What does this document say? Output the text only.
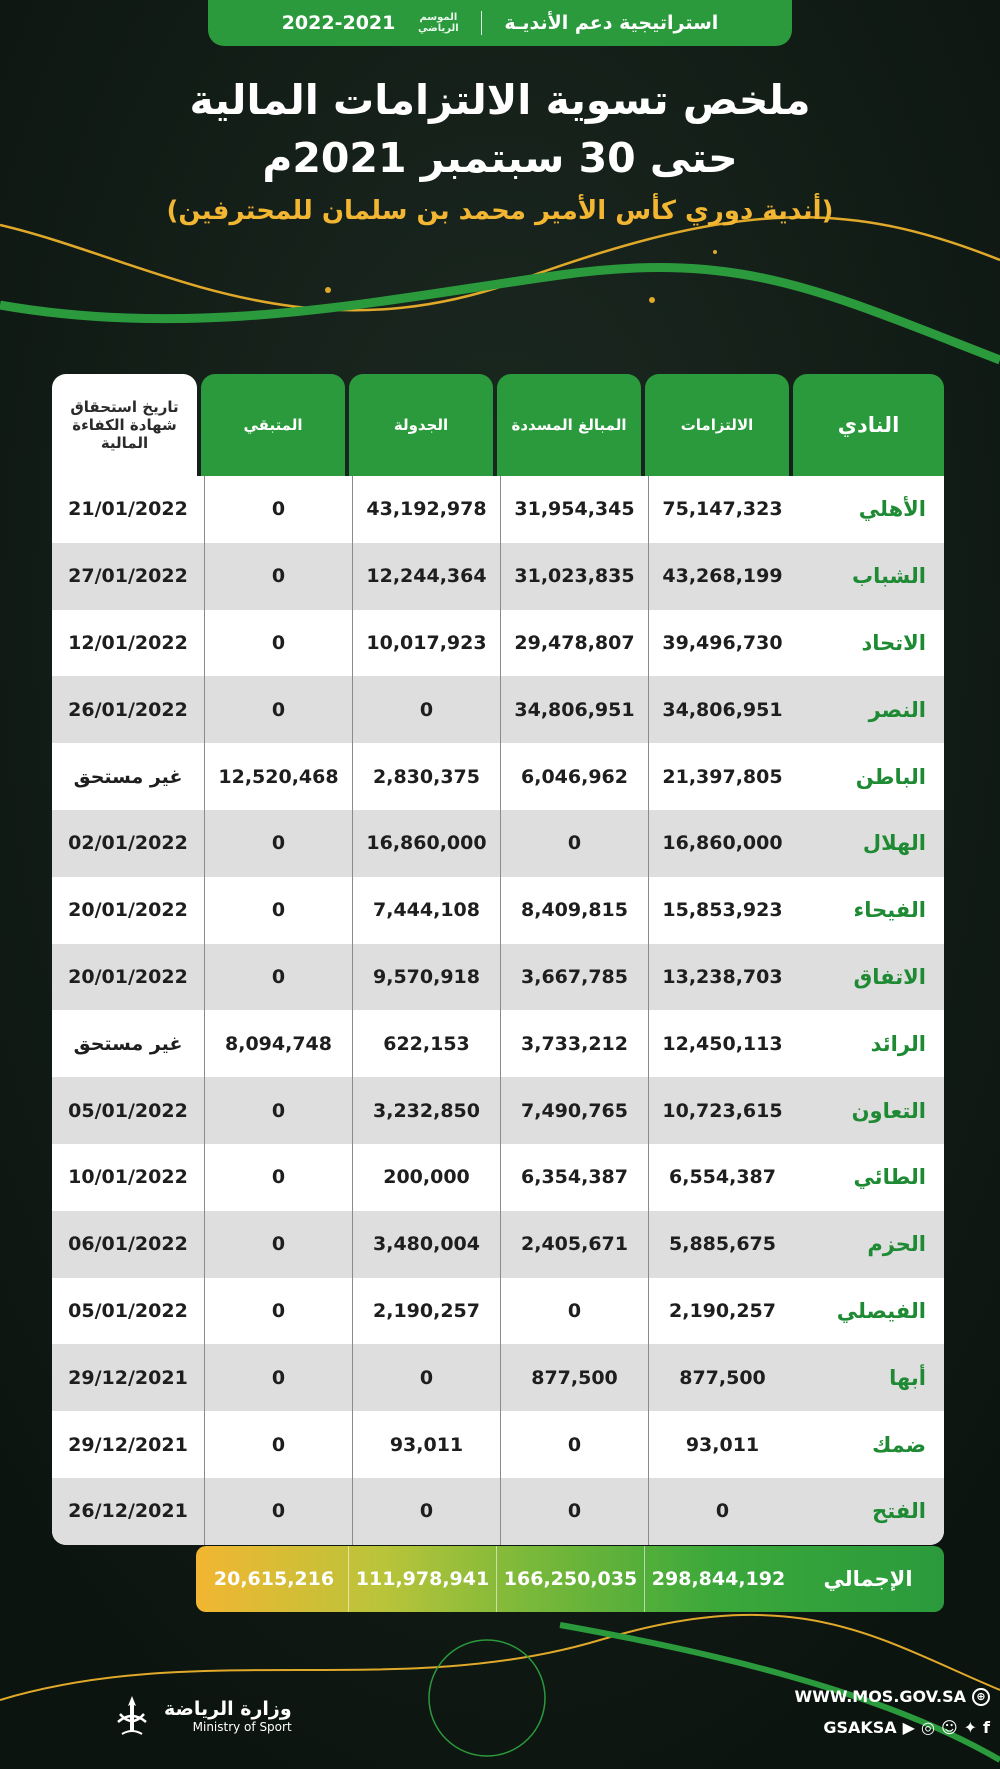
استراتيجية دعم الأنديـة
الموسم الرياضي
2022-2021
ملخص تسوية الالتزامات المالية
حتى 30 سبتمبر 2021م
(أندية دوري كأس الأمير محمد بن سلمان للمحترفين)
النادي
الالتزامات
المبالغ المسددة
الجدولة
المتبقي
تاريخ استحقاق شهادة الكفاءة المالية
الأهلي
75,147,323
31,954,345
43,192,978
0
21/01/2022
الشباب
43,268,199
31,023,835
12,244,364
0
27/01/2022
الاتحاد
39,496,730
29,478,807
10,017,923
0
12/01/2022
النصر
34,806,951
34,806,951
0
0
26/01/2022
الباطن
21,397,805
6,046,962
2,830,375
12,520,468
غير مستحق
الهلال
16,860,000
0
16,860,000
0
02/01/2022
الفيحاء
15,853,923
8,409,815
7,444,108
0
20/01/2022
الاتفاق
13,238,703
3,667,785
9,570,918
0
20/01/2022
الرائد
12,450,113
3,733,212
622,153
8,094,748
غير مستحق
التعاون
10,723,615
7,490,765
3,232,850
0
05/01/2022
الطائي
6,554,387
6,354,387
200,000
0
10/01/2022
الحزم
5,885,675
2,405,671
3,480,004
0
06/01/2022
الفيصلي
2,190,257
0
2,190,257
0
05/01/2022
أبها
877,500
877,500
0
0
29/12/2021
ضمك
93,011
0
93,011
0
29/12/2021
الفتح
0
0
0
0
26/12/2021
الإجمالي
298,844,192
166,250,035
111,978,941
20,615,216
⊕
WWW.MOS.GOV.SA
f
✦
☺
◎
▶
GSAKSA
وزارة الرياضة
Ministry of Sport
